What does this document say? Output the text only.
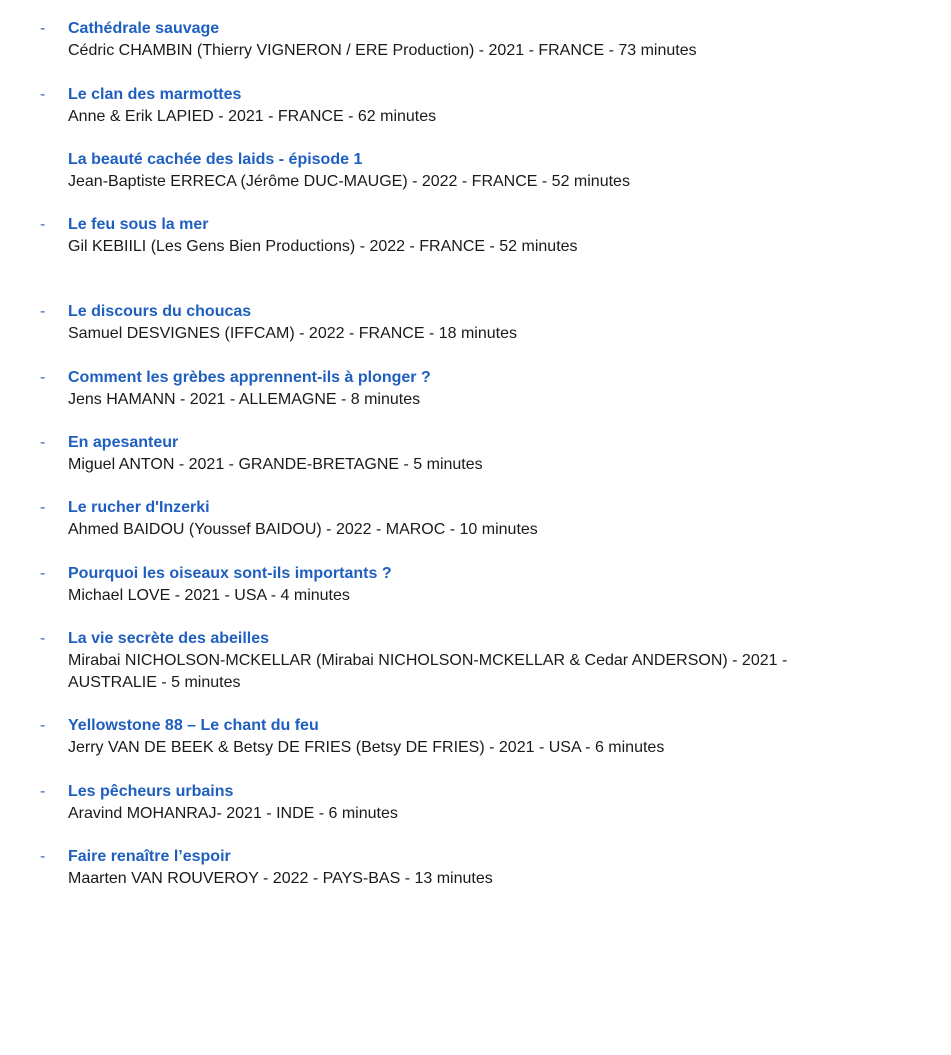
- Cathédrale sauvage
Cédric CHAMBIN (Thierry VIGNERON / ERE Production) - 2021 - FRANCE - 73 minutes
- Le clan des marmottes
Anne & Erik LAPIED - 2021 - FRANCE - 62 minutes
La beauté cachée des laids - épisode 1
Jean-Baptiste ERRECA (Jérôme DUC-MAUGE) - 2022 - FRANCE - 52 minutes
- Le feu sous la mer
Gil KEBIILI (Les Gens Bien Productions) - 2022 - FRANCE - 52 minutes
- Le discours du choucas
Samuel DESVIGNES (IFFCAM) - 2022 - FRANCE - 18 minutes
- Comment les grèbes apprennent-ils à plonger ?
Jens HAMANN - 2021 - ALLEMAGNE - 8 minutes
- En apesanteur
Miguel ANTON - 2021 - GRANDE-BRETAGNE - 5 minutes
- Le rucher d'Inzerki
Ahmed BAIDOU (Youssef BAIDOU) - 2022 - MAROC - 10 minutes
- Pourquoi les oiseaux sont-ils importants ?
Michael LOVE - 2021 - USA - 4 minutes
- La vie secrète des abeilles
Mirabai NICHOLSON-MCKELLAR (Mirabai NICHOLSON-MCKELLAR & Cedar ANDERSON) - 2021 - AUSTRALIE - 5 minutes
- Yellowstone 88 – Le chant du feu
Jerry VAN DE BEEK & Betsy DE FRIES (Betsy DE FRIES) - 2021 - USA - 6 minutes
- Les pêcheurs urbains
Aravind MOHANRAJ- 2021 - INDE - 6 minutes
- Faire renaître l’espoir
Maarten VAN ROUVEROY - 2022 - PAYS-BAS - 13 minutes
